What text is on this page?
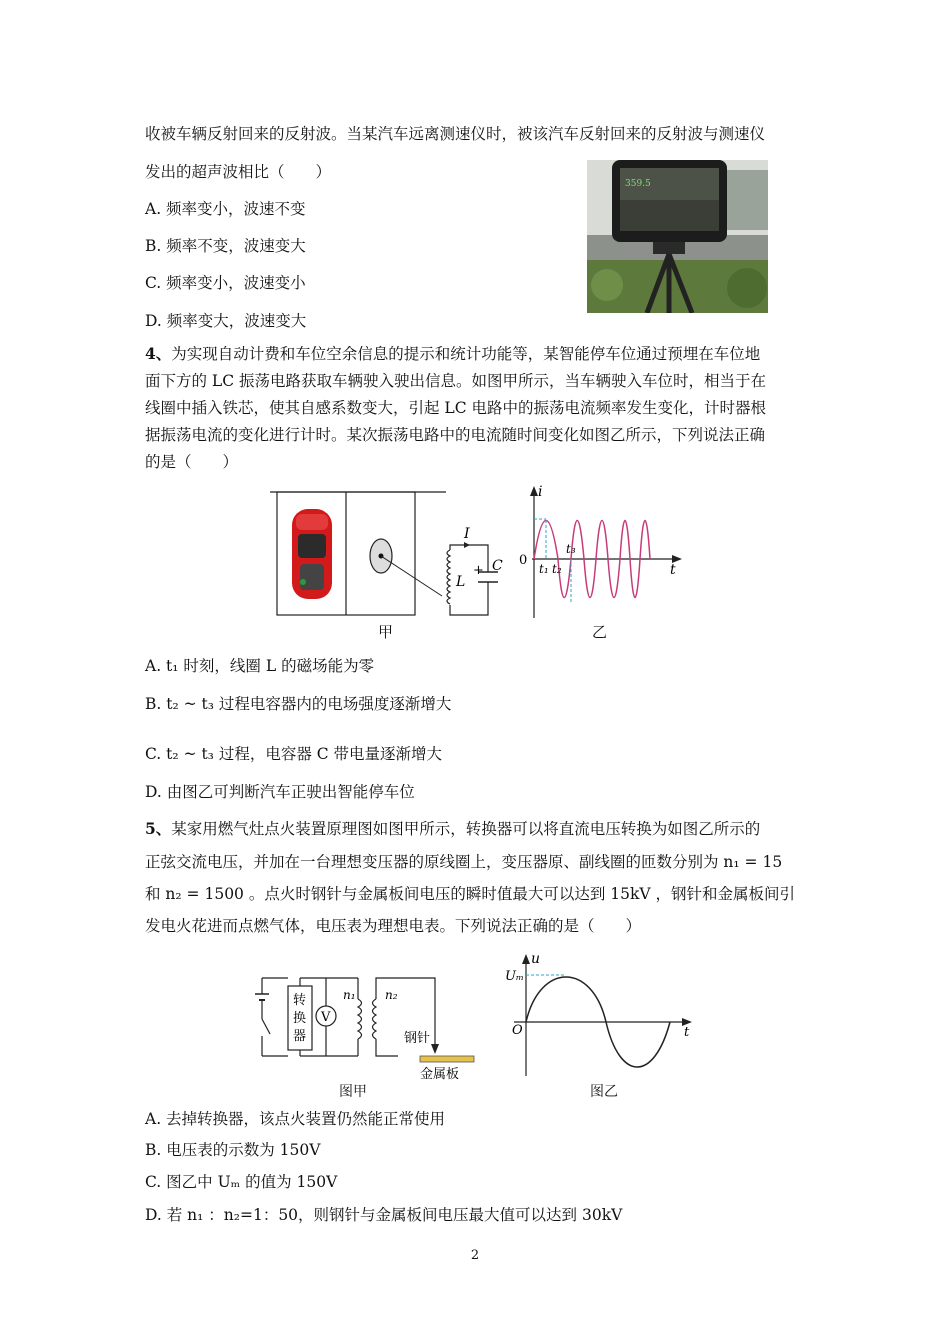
收被车辆反射回来的反射波。当某汽车远离测速仪时，被该汽车反射回来的反射波与测速仪
发出的超声波相比（　　）
A. 频率变小，波速不变
B. 频率不变，波速变大
C. 频率变小，波速变小
D. 频率变大，波速变大
359.5
4、为实现自动计费和车位空余信息的提示和统计功能等，某智能停车位通过预埋在车位地
面下方的 LC 振荡电路获取车辆驶入驶出信息。如图甲所示，当车辆驶入车位时，相当于在
线圈中插入铁芯，使其自感系数变大，引起 LC 电路中的振荡电流频率发生变化，计时器根
据振荡电流的变化进行计时。某次振荡电路中的电流随时间变化如图乙所示，下列说法正确
的是（　　）
I
L
+ C
甲
i
t
0
t₁ t₂
t₃
乙
A. t₁ 时刻，线圈 L 的磁场能为零
B. t₂ ~ t₃ 过程电容器内的电场强度逐渐增大
C. t₂ ~ t₃ 过程，电容器 C 带电量逐渐增大
D. 由图乙可判断汽车正驶出智能停车位
5、某家用燃气灶点火装置原理图如图甲所示，转换器可以将直流电压转换为如图乙所示的
正弦交流电压，并加在一台理想变压器的原线圈上，变压器原、副线圈的匝数分别为 n₁ = 15
和 n₂ = 1500 。点火时钢针与金属板间电压的瞬时值最大可以达到 15kV ，钢针和金属板间引
发电火花进而点燃气体，电压表为理想电表。下列说法正确的是（　　）
转
换
器
V
n₁ n₂
钢针
金属板
图甲
u
t
O
Uₘ
图乙
A. 去掉转换器，该点火装置仍然能正常使用
B. 电压表的示数为 150V
C. 图乙中 Uₘ 的值为 150V
D. 若 n₁ ：n₂=1：50，则钢针与金属板间电压最大值可以达到 30kV
2
